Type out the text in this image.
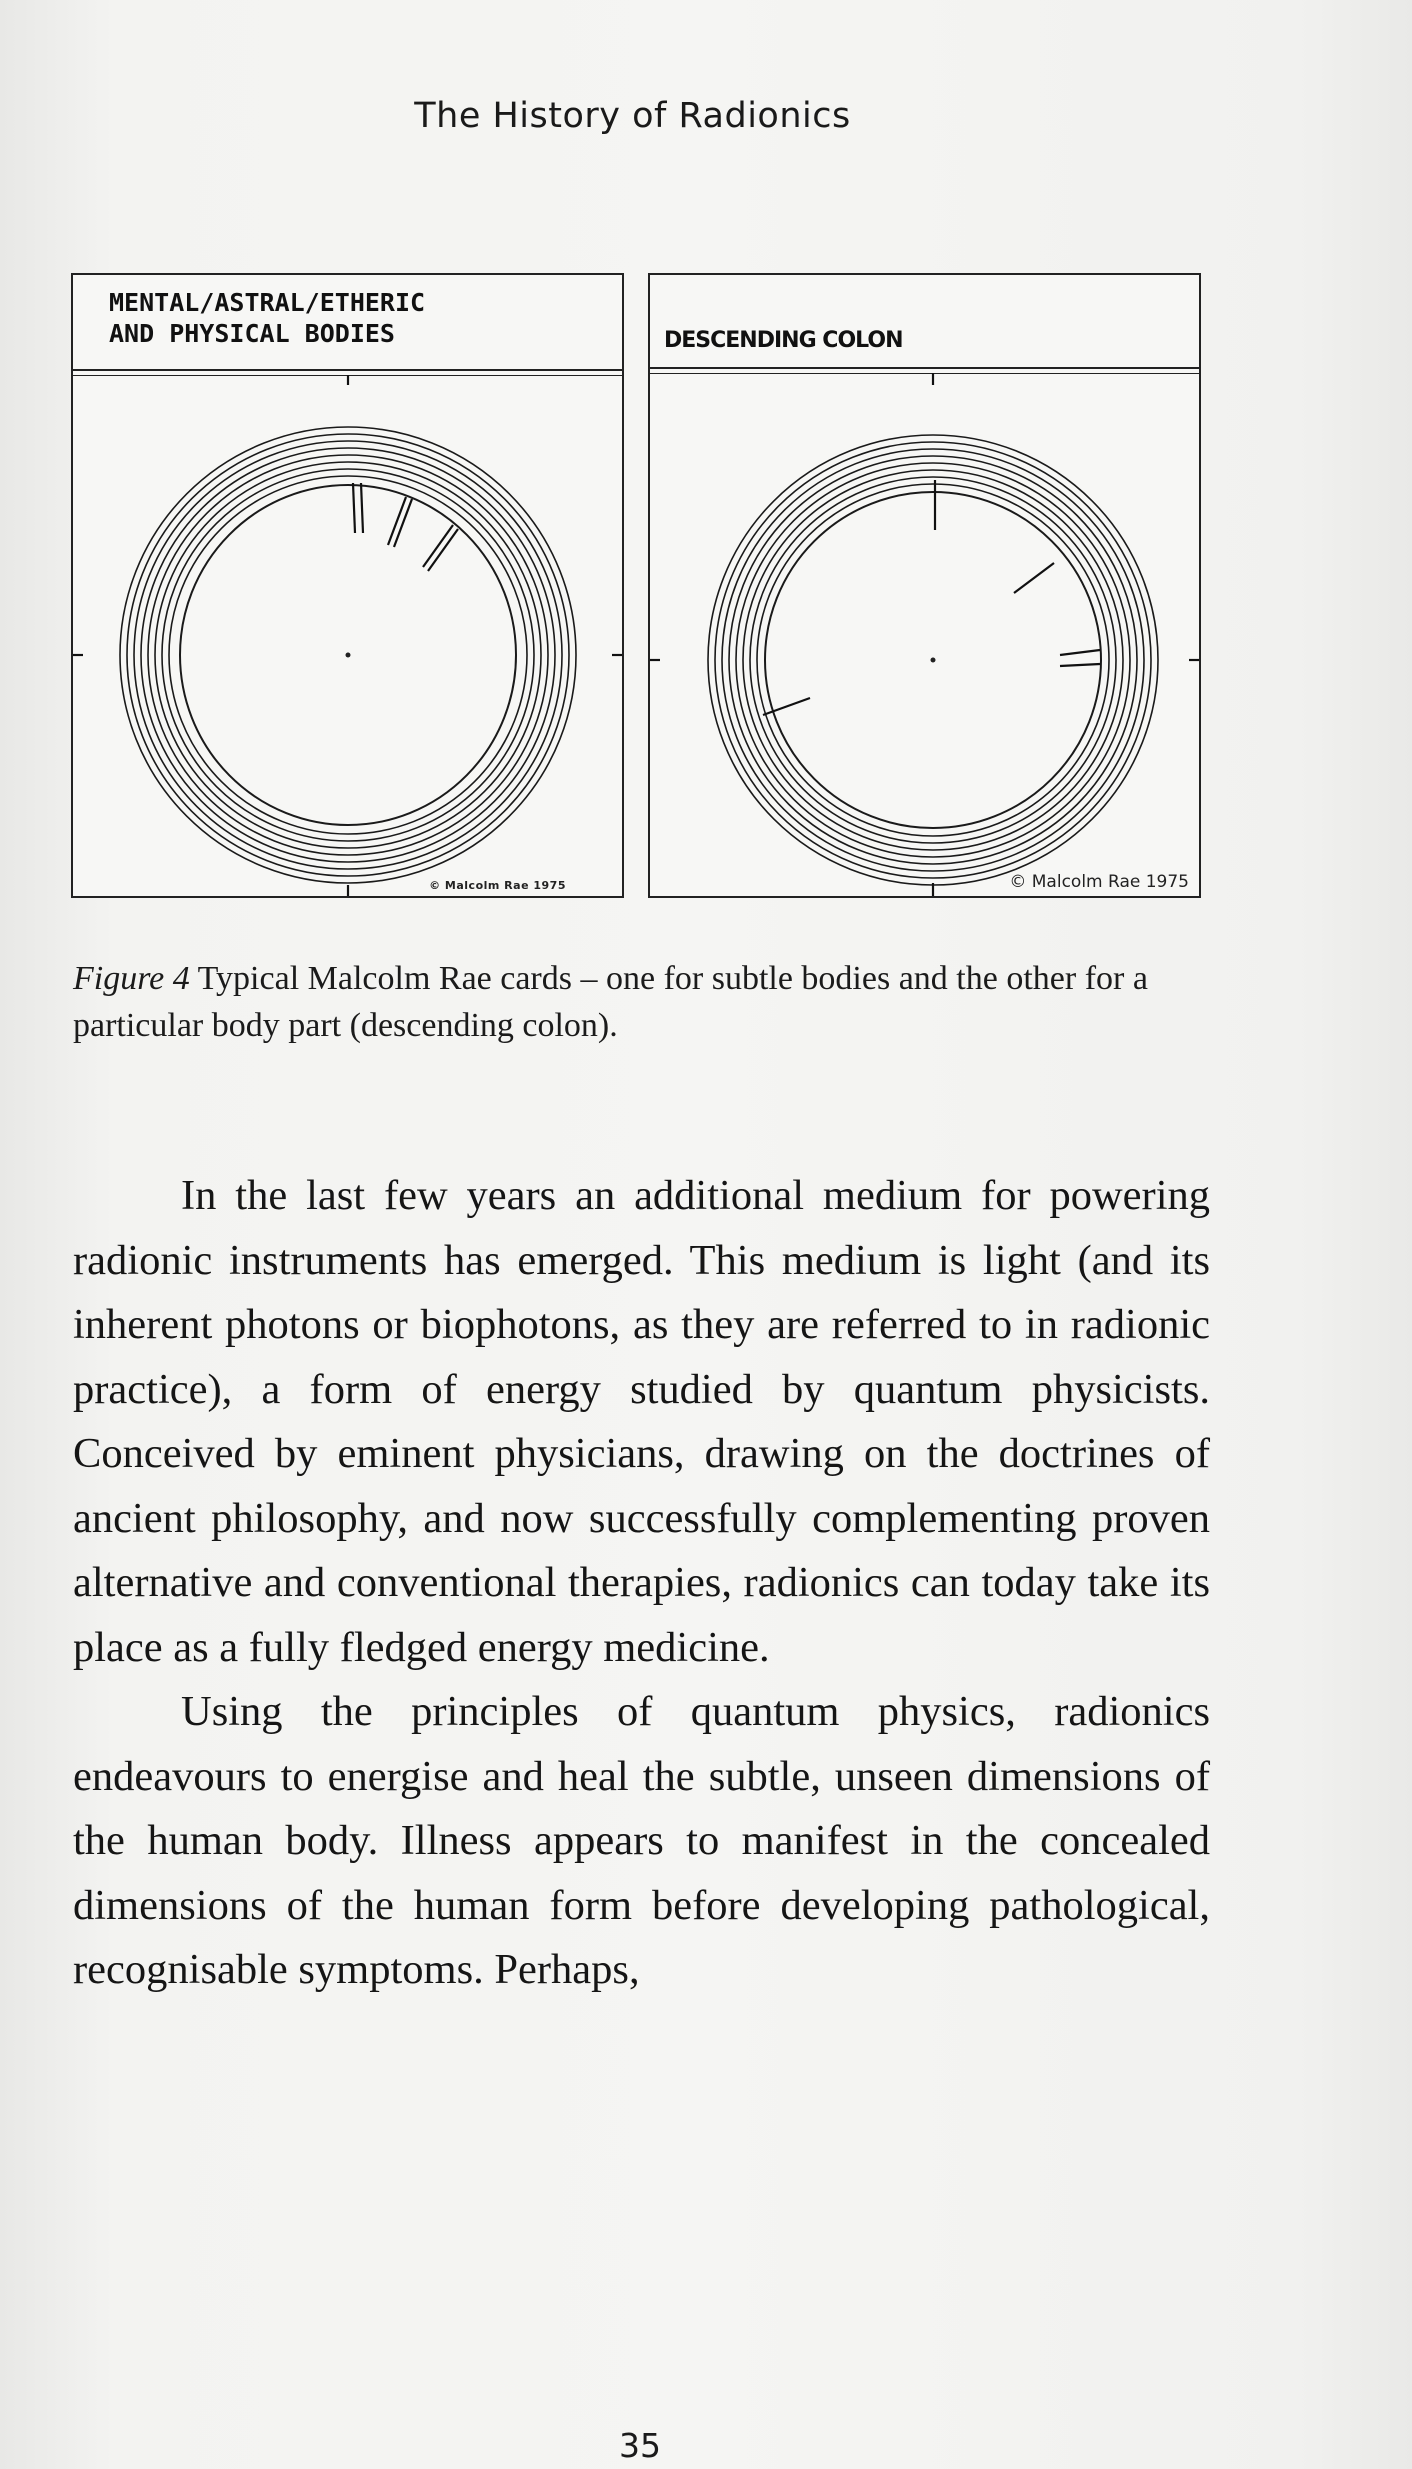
The History of Radionics
MENTAL/ASTRAL/ETHERIC
AND PHYSICAL BODIES
© Malcolm Rae 1975
DESCENDING COLON
© Malcolm Rae 1975
Figure 4 Typical Malcolm Rae cards – one for subtle bodies and the other for a particular body part (descending colon).

In the last few years an additional medium for powering radionic instruments has emerged. This medium is light (and its inherent photons or biophotons, as they are referred to in radionic practice), a form of energy studied by quantum physicists. Conceived by eminent physicians, drawing on the doctrines of ancient philosophy, and now successfully complementing proven alternative and conventional therapies, radionics can today take its place as a fully fledged energy medicine.

Using the principles of quantum physics, radionics endeavours to energise and heal the subtle, unseen dimensions of the human body. Illness appears to manifest in the concealed dimensions of the human form before developing pathological, recognisable symptoms. Perhaps,

35
